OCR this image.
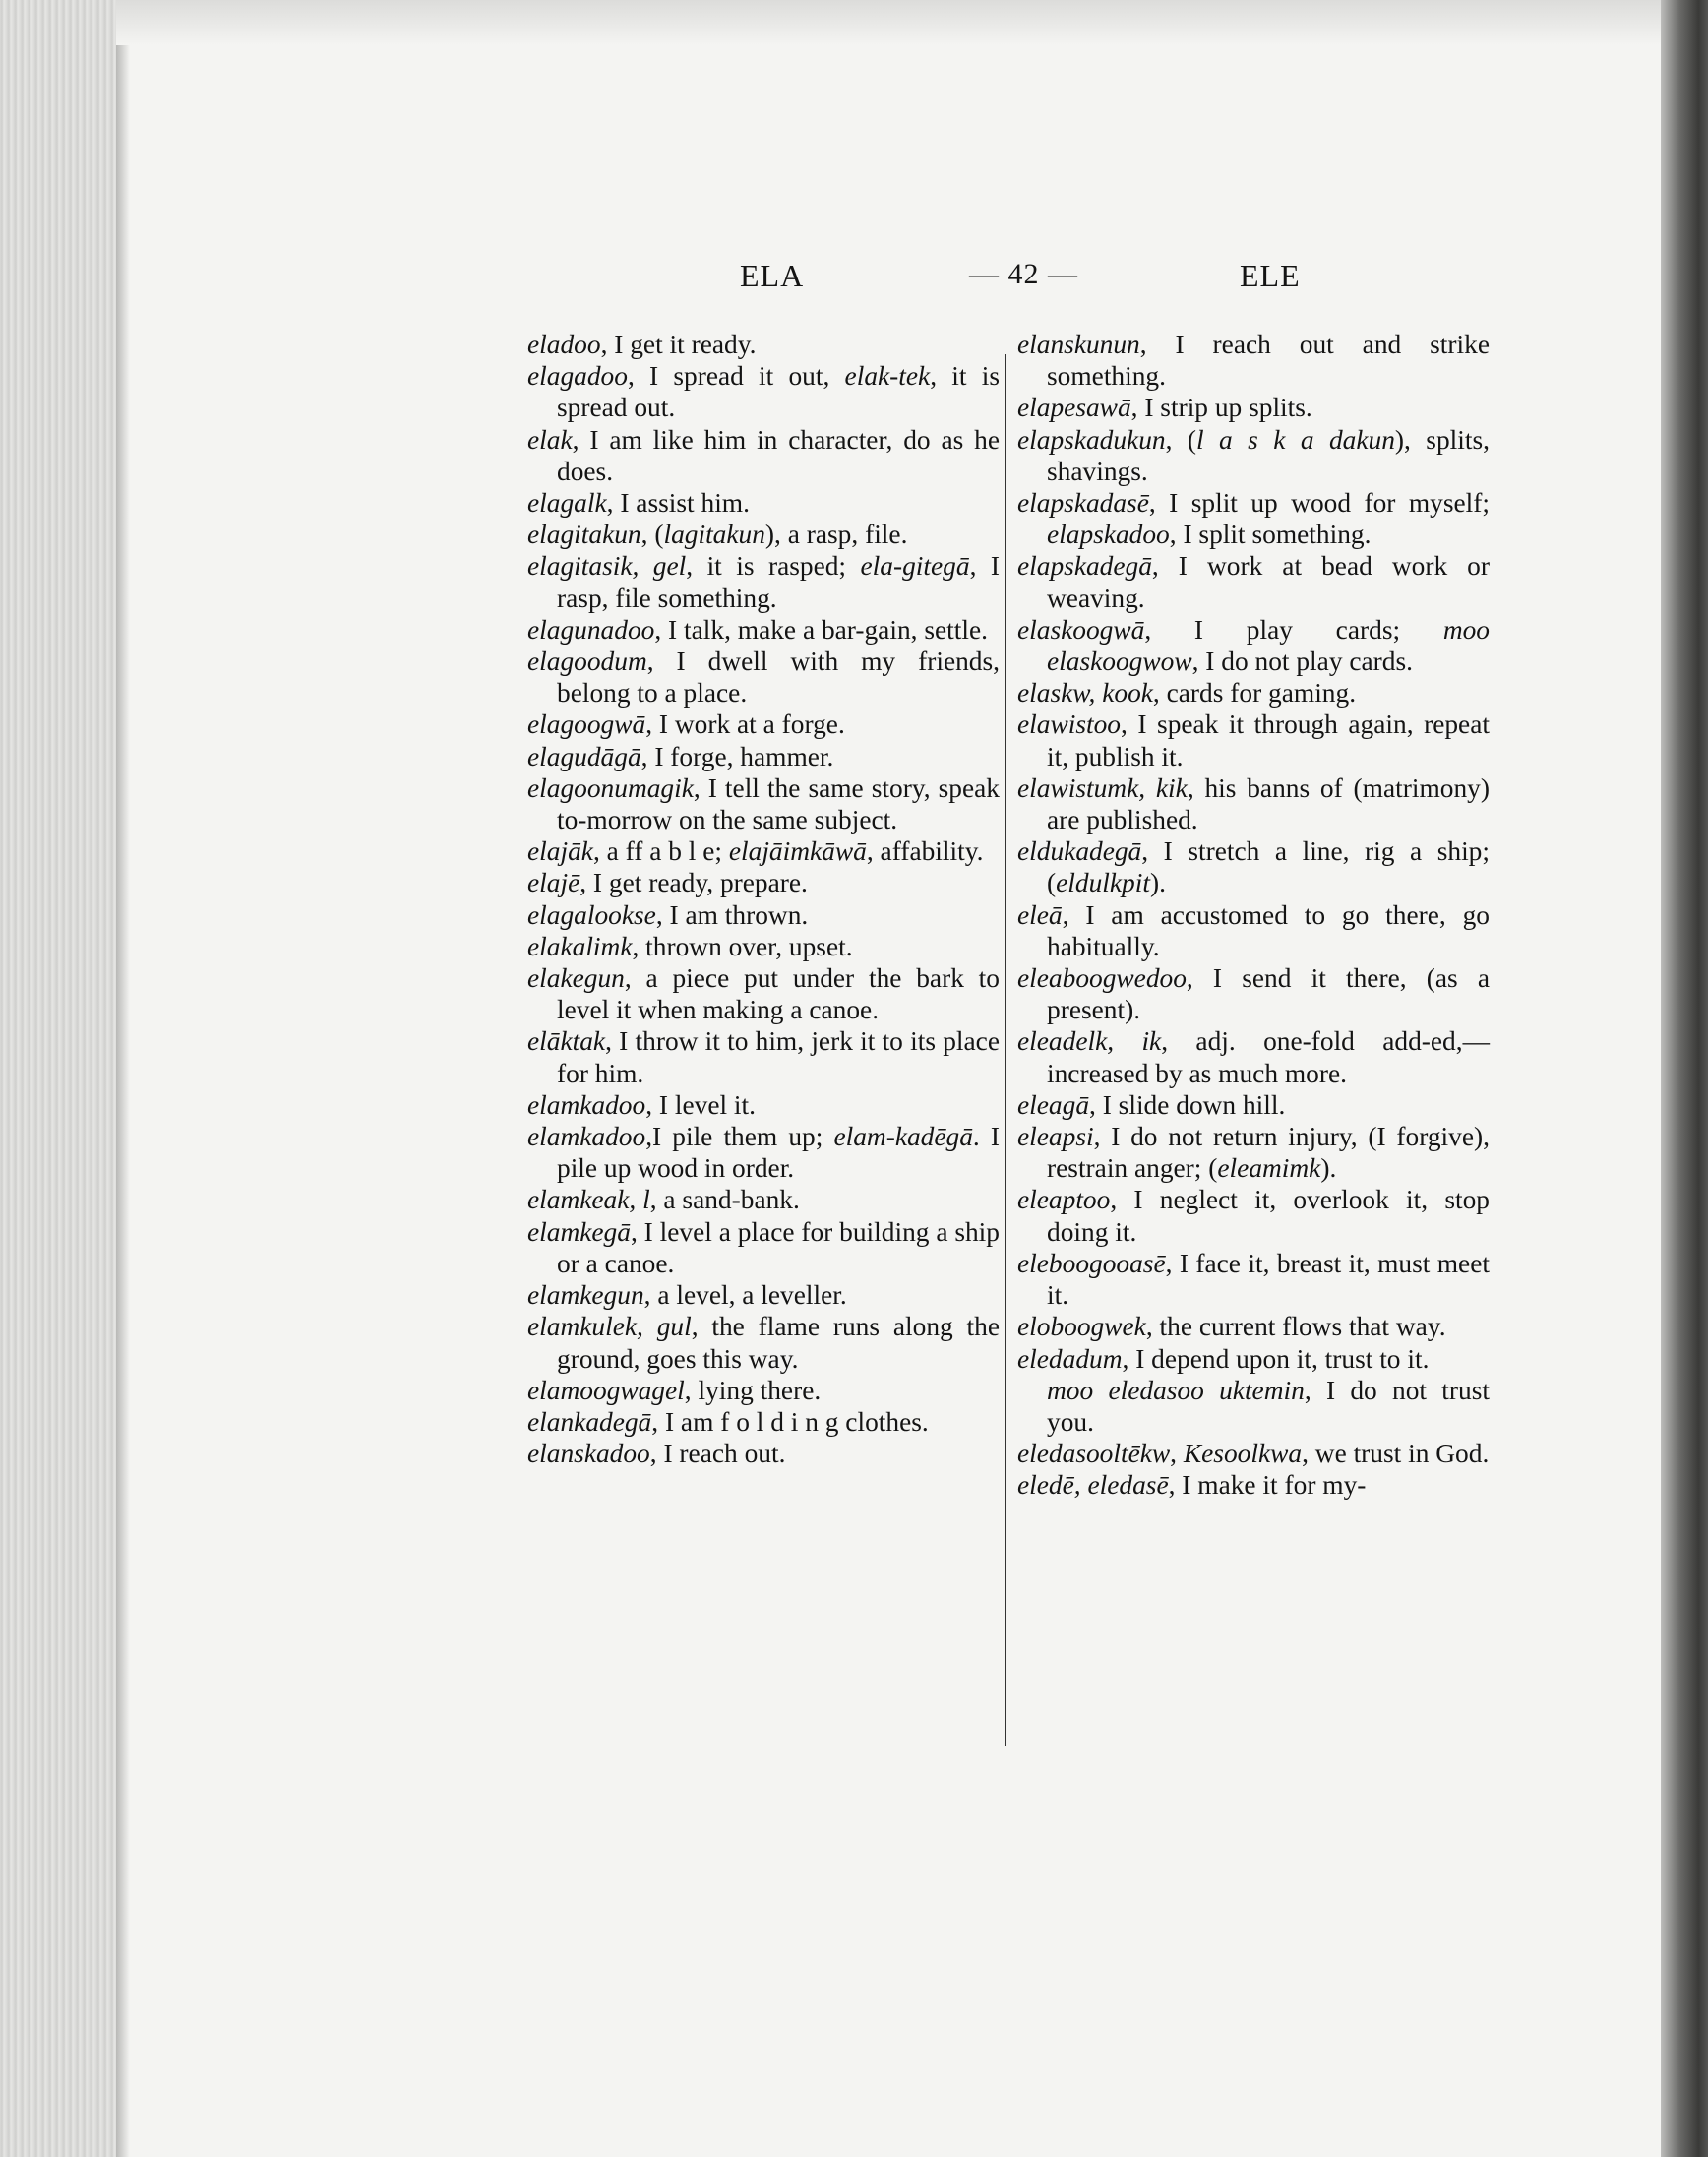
ELA	— 42 —	ELE

eladoo, I get it ready.

elagadoo, I spread it out, elak-tek, it is spread out.

elak, I am like him in character, do as he does.

elagalk, I assist him.

elagitakun, (lagitakun), a rasp, file.

elagitasik, gel, it is rasped; ela-gitegā, I rasp, file something.

elagunadoo, I talk, make a bar-gain, settle.

elagoodum, I dwell with my friends, belong to a place.

elagoogwā, I work at a forge.

elagudāgā, I forge, hammer.

elagoonumagik, I tell the same story, speak to-morrow on the same subject.

elajāk, a ff a b l e; elajāimkāwā, affability.

elajē, I get ready, prepare.

elagalookse, I am thrown.

elakalimk, thrown over, upset.

elakegun, a piece put under the bark to level it when making a canoe.

elāktak, I throw it to him, jerk it to its place for him.

elamkadoo, I level it.

elamkadoo,I pile them up; elam-kadēgā. I pile up wood in order.

elamkeak, l, a sand-bank.

elamkegā, I level a place for building a ship or a canoe.

elamkegun, a level, a leveller.

elamkulek, gul, the flame runs along the ground, goes this way.

elamoogwagel, lying there.

elankadegā, I am f o l d i n g clothes.

elanskadoo, I reach out.

elanskunun, I reach out and strike something.

elapesawā, I strip up splits.

elapskadukun, (l a s k a dakun), splits, shavings.

elapskadasē, I split up wood for myself; elapskadoo, I split something.

elapskadegā, I work at bead work or weaving.

elaskoogwā, I play cards; moo elaskoogwow, I do not play cards.

elaskw, kook, cards for gaming.

elawistoo, I speak it through again, repeat it, publish it.

elawistumk, kik, his banns of (matrimony) are published.

eldukadegā, I stretch a line, rig a ship; (eldulkpit).

eleā, I am accustomed to go there, go habitually.

eleaboogwedoo, I send it there, (as a present).

eleadelk, ik, adj. one-fold add-ed,— increased by as much more.

eleagā, I slide down hill.

eleapsi, I do not return injury, (I forgive), restrain anger; (eleamimk).

eleaptoo, I neglect it, overlook it, stop doing it.

eleboogooasē, I face it, breast it, must meet it.

eloboogwek, the current flows that way.

eledadum, I depend upon it, trust to it.

moo eledasoo uktemin, I do not trust you.

eledasooltēkw, Kesoolkwa, we trust in God.

eledē, eledasē, I make it for my-
